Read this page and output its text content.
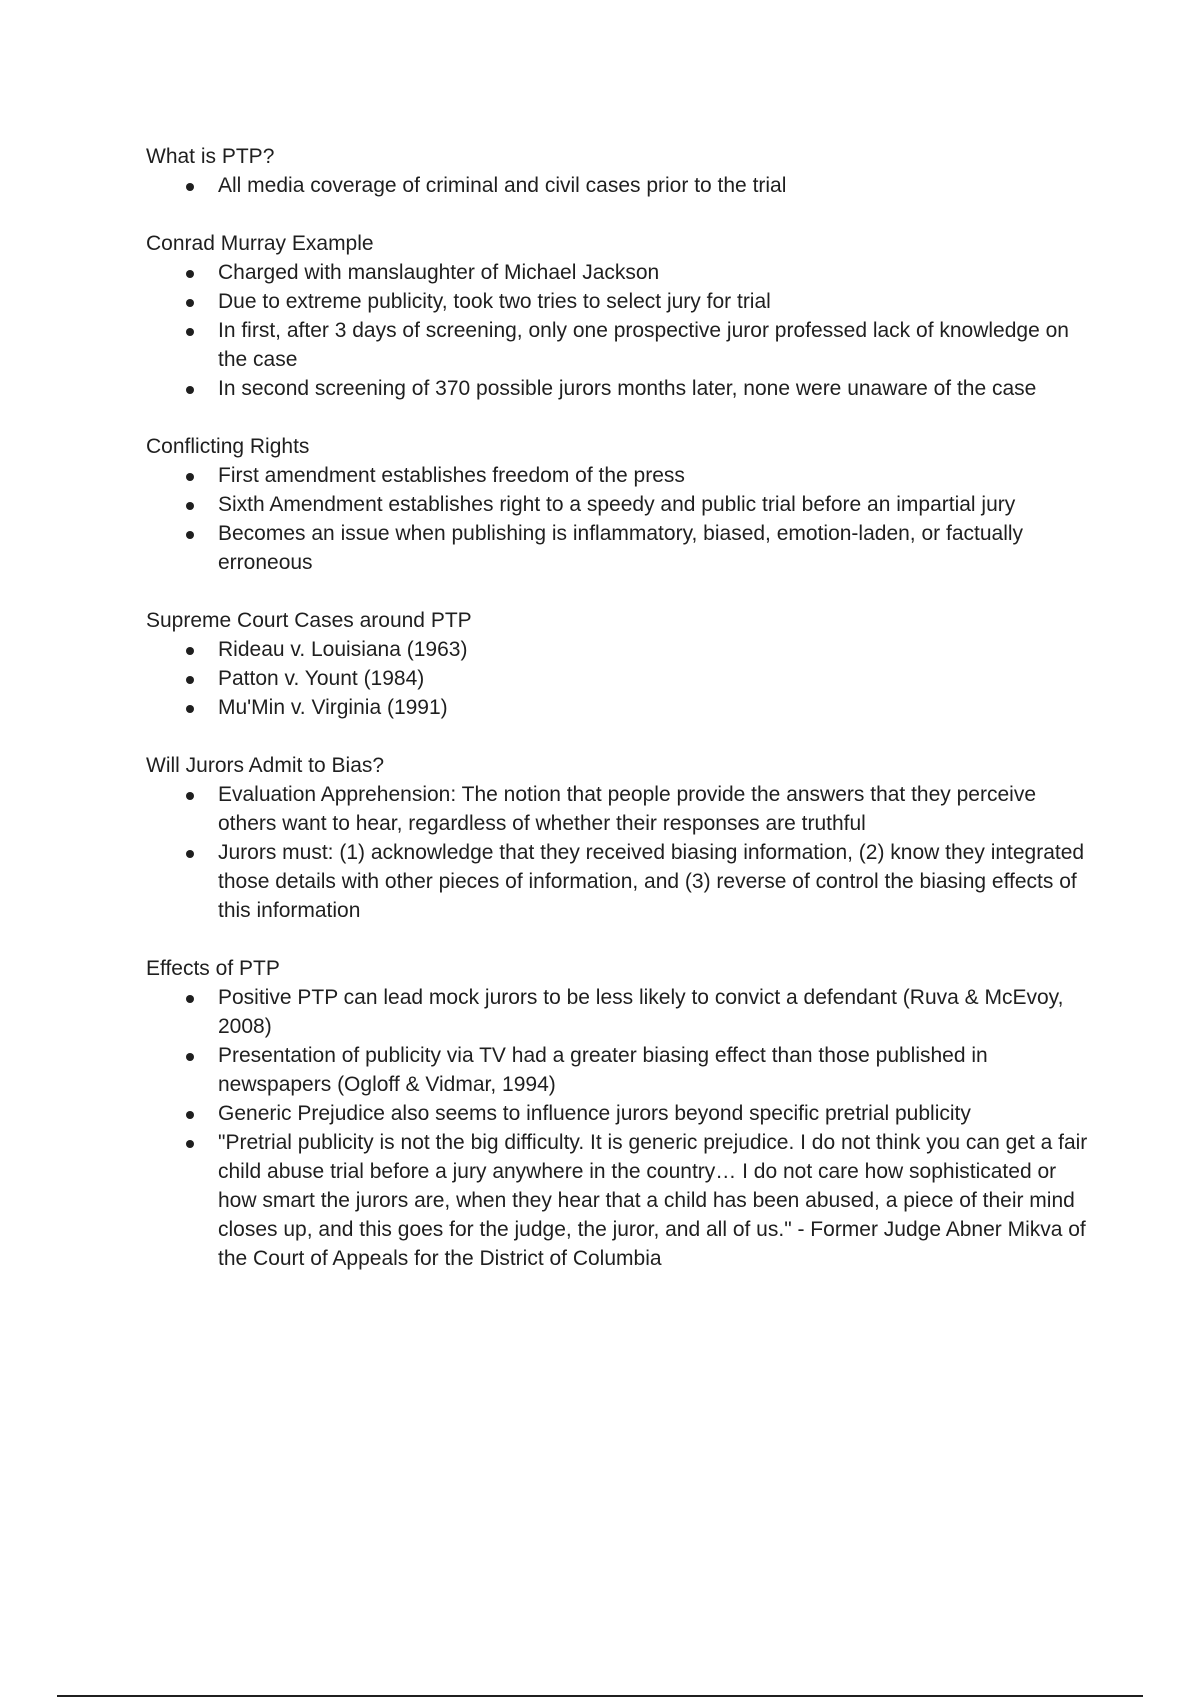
What is PTP?

All media coverage of criminal and civil cases prior to the trial

Conrad Murray Example

Charged with manslaughter of Michael Jackson
Due to extreme publicity, took two tries to select jury for trial
In first, after 3 days of screening, only one prospective juror professed lack of knowledge on the case
In second screening of 370 possible jurors months later, none were unaware of the case

Conflicting Rights

First amendment establishes freedom of the press
Sixth Amendment establishes right to a speedy and public trial before an impartial jury
Becomes an issue when publishing is inflammatory, biased, emotion-laden, or factually erroneous

Supreme Court Cases around PTP

Rideau v. Louisiana (1963)
Patton v. Yount (1984)
Mu'Min v. Virginia (1991)

Will Jurors Admit to Bias?

Evaluation Apprehension: The notion that people provide the answers that they perceive others want to hear, regardless of whether their responses are truthful
Jurors must: (1) acknowledge that they received biasing information, (2) know they integrated those details with other pieces of information, and (3) reverse of control the biasing effects of this information

Effects of PTP

Positive PTP can lead mock jurors to be less likely to convict a defendant (Ruva & McEvoy, 2008)
Presentation of publicity via TV had a greater biasing effect than those published in newspapers (Ogloff & Vidmar, 1994)
Generic Prejudice also seems to influence jurors beyond specific pretrial publicity
"Pretrial publicity is not the big difficulty. It is generic prejudice. I do not think you can get a fair child abuse trial before a jury anywhere in the country… I do not care how sophisticated or how smart the jurors are, when they hear that a child has been abused, a piece of their mind closes up, and this goes for the judge, the juror, and all of us." - Former Judge Abner Mikva of the Court of Appeals for the District of Columbia
